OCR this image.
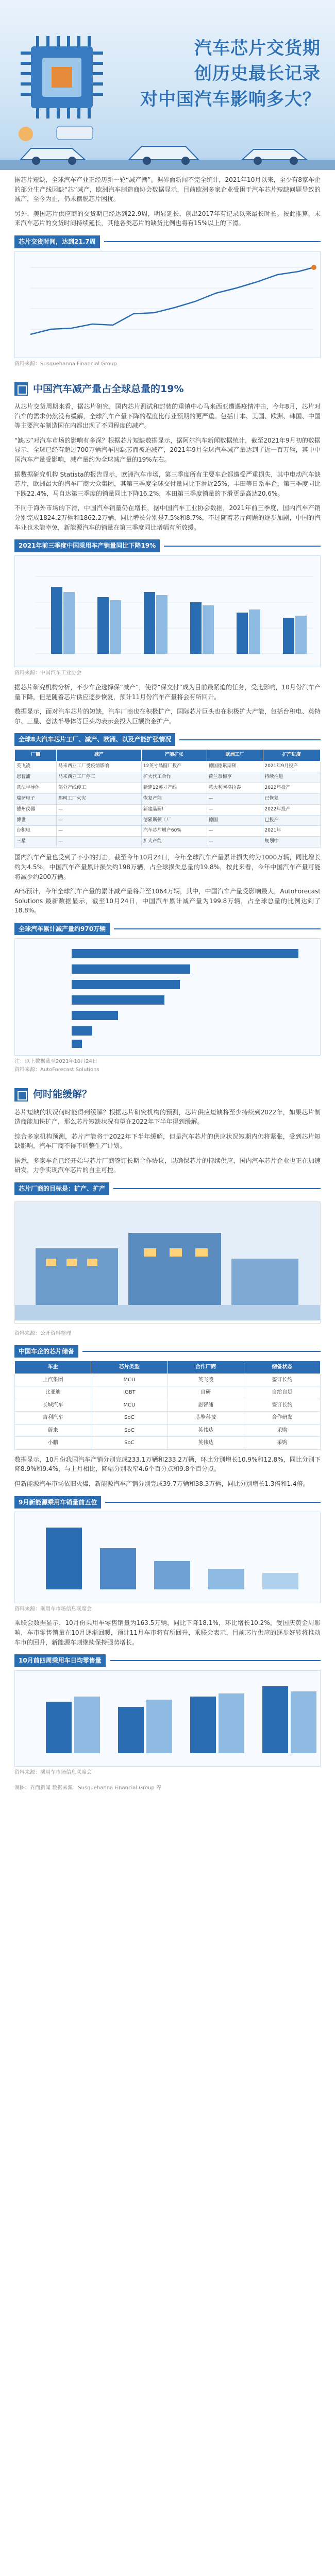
汽车芯片交货期
创历史最长记录
对中国汽车影响多大？

据芯片短缺，全球汽车产业正经历新一轮“减产潮”。据界面新闻不完全统计，2021年10月以来，至少有8家车企的部分生产线因缺“芯”减产，欧洲汽车制造商协会数据显示，目前欧洲多家企业受困于汽车芯片短缺问题导致的减产，至今为止，仍未摆脱芯片困扰。

另外，美国芯片供应商的交货期已经达到22.9周，明显延长，创出2017年有记录以来最长时长。按此推算，未来汽车芯片的交货时间持续延长，其他各类芯片的缺货比例也将有15%以上的下滑。

芯片交货时间，达到21.7周
资料来源：Susquehanna Financial Group
中国汽车减产量占全球总量的19%

从芯片交货周期来看，据芯片研究，国内芯片测试和封装的重镇中心马来西亚遭遇疫情冲击，今年8月，芯片对汽车的需求仍然没有缓解，全球汽车产量下降的程度比行业预期的更严重。包括日本、美国、欧洲、韩国、中国等主要汽车制造国在内都出现了不同程度的减产。

“缺芯”对汽车市场的影响有多深？根据芯片短缺数据显示，据阿尔汽车新闻数据统计，截至2021年9月初的数据显示，全球已经有超过700万辆汽车因缺芯而被迫减产，2021年9月全球汽车减产量达到了近一百万辆，其中中国汽车产量受影响，减产量约为全球减产量的19%左右。

据数据研究机构 Statista的报告显示，欧洲汽车市场，第三季度所有主要车企都遭受严重损失，其中电动汽车缺芯片，欧洲最大的汽车厂商大众集团，其第三季度全球交付量同比下滑近25%，丰田等日系车企，第三季度同比下跌22.4%，马自达第三季度的销量同比下降16.2%，本田第三季度销量的下滑更是高达20.6%。

不同于海外市场的下滑，中国汽车销量仍在增长，据中国汽车工业协会数据，2021年前三季度，国内汽车产销分别完成1824.2万辆和1862.2万辆，同比增长分别是7.5%和8.7%，不过随着芯片问题的逐步加剧，中国的汽车业也未能幸免，新能源汽车的销量在第三季度同比增幅有所放缓。

2021年前三季度中国乘用车产销量同比下降19%
资料来源：中国汽车工业协会

据芯片研究机构分析，不少车企选择保“减产”，使得“保交付”成为目前最紧迫的任务，受此影响，10月份汽车产量下降，但是随着芯片供应逐步恢复，预计11月份汽车产量将会有所回升。

数据显示，面对汽车芯片的短缺，汽车厂商也在积极扩产，国际芯片巨头也在积极扩大产能，包括台积电、英特尔、三星、意法半导体等巨头均表示会投入巨额资金扩产。

全球8大汽车芯片工厂、减产、欧洲、以及产能扩张情况
厂商	减产	产能扩张	欧洲工厂	扩产进度
英飞凌	马来西亚工厂受疫情影响	12英寸晶圆厂投产	德国德累斯顿	2021年9月投产
恩智浦	马来西亚工厂停工	扩大代工合作	荷兰奈梅亨	持续推进
意法半导体	部分产线停工	新建12英寸产线	意大利阿格拉泰	2022年投产
瑞萨电子	那珂工厂火灾	恢复产能	—	已恢复
德州仪器	—	新建晶圆厂	—	2022年投产
博世	—	德累斯顿工厂	德国	已投产
台积电	—	汽车芯片增产60%	—	2021年
三星	—	扩大产能	—	规划中

国内汽车产量也受到了不小的打击，截至今年10月24日，今年全球汽车产量累计损失约为1000万辆，同比增长约为4.5%，中国汽车产量累计损失约198万辆，占全球损失总量的19.8%，按此来看，今年中国汽车产量可能将减少约200万辆。

AFS预计，今年全球汽车产量的累计减产量将升至1064万辆，其中，中国汽车产量受影响最大，AutoForecast Solutions 最新数据显示，截至10月24日，中国汽车累计减产量为199.8万辆，占全球总量的比例达到了18.8%。

全球汽车累计减产量约970万辆
注：以上数据截至2021年10月24日
资料来源：AutoForecast Solutions
何时能缓解？

芯片短缺的状况何时能得到缓解？根据芯片研究机构的预测，芯片供应短缺将至少持续到2022年，如果芯片制造商能加快扩产，那么芯片短缺状况有望在2022年下半年得到缓解。

综合多家机构预测，芯片产能将于2022年下半年缓解，但是汽车芯片的供应状况短期内仍将紧张，受到芯片短缺影响，汽车厂商不得不调整生产计划。

据悉，多家车企已经开始与芯片厂商签订长期合作协议，以确保芯片的持续供应，国内汽车芯片企业也正在加速研发，力争实现汽车芯片的自主可控。

芯片厂商的目标是：扩产、扩产
资料来源：公开资料整理
中国车企的芯片储备
车企	芯片类型	合作厂商	储备状态
上汽集团	MCU	英飞凌	签订长约
比亚迪	IGBT	自研	自给自足
长城汽车	MCU	恩智浦	签订长约
吉利汽车	SoC	芯擎科技	合作研发
蔚来	SoC	英伟达	采购
小鹏	SoC	英伟达	采购

数据显示，10月份我国汽车产销分别完成233.1万辆和233.2万辆，环比分别增长10.9%和12.8%，同比分别下降8.9%和9.4%，与上月相比，降幅分别收窄4.6个百分点和9.8个百分点。

但新能源汽车市场依旧火爆，新能源汽车产销分别完成39.7万辆和38.3万辆，同比分别增长1.3倍和1.4倍。

9月新能源乘用车销量前五位
资料来源：乘用车市场信息联席会

乘联会数据显示，10月份乘用车零售销量为163.5万辆，同比下降18.1%，环比增长10.2%，受国庆黄金周影响，车市零售销量在10月逐渐回暖，预计11月车市将有所回升，乘联会表示，目前芯片供应的逐步好转将推动车市的回升，新能源车则继续保持强势增长。

10月前四周乘用车日均零售量
资料来源：乘用车市场信息联席会

制图：界面新闻 数据来源：Susquehanna Financial Group 等
